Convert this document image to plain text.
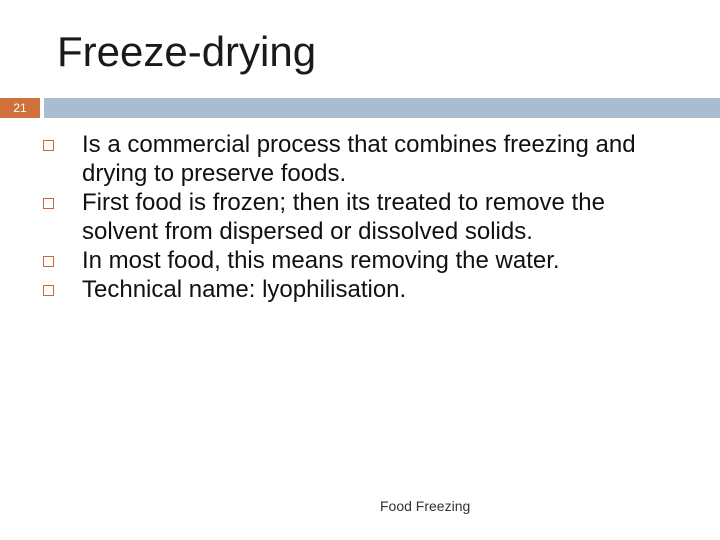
Freeze-drying
21
Is a commercial process that combines freezing and drying to preserve foods.
First food is frozen; then its treated to remove the solvent from dispersed or dissolved solids.
In most food, this means removing the water.
Technical name: lyophilisation.
Food Freezing
